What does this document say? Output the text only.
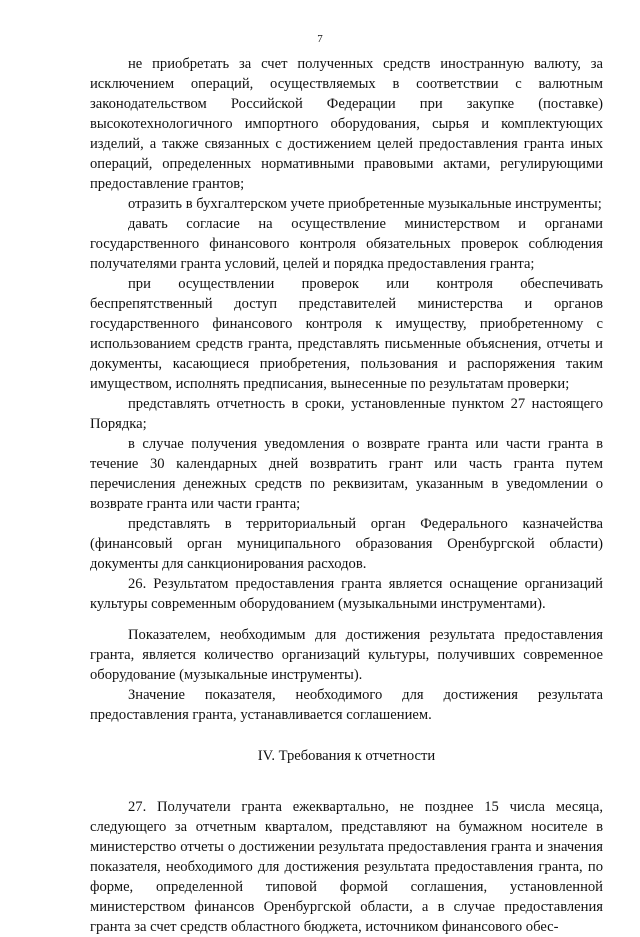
7

не приобретать за счет полученных средств иностранную валюту, за исключением операций, осуществляемых в соответствии с валютным законодательством Российской Федерации при закупке (поставке) высокотехнологичного импортного оборудования, сырья и комплектующих изделий, а также связанных с достижением целей предоставления гранта иных операций, определенных нормативными правовыми актами, регулирующими предоставление грантов;

отразить в бухгалтерском учете приобретенные музыкальные инструменты;

давать согласие на осуществление министерством и органами государственного финансового контроля обязательных проверок соблюдения получателями гранта условий, целей и порядка предоставления гранта;

при осуществлении проверок или контроля обеспечивать беспрепятственный доступ представителей министерства и органов государственного финансового контроля к имуществу, приобретенному с использованием средств гранта, представлять письменные объяснения, отчеты и документы, касающиеся приобретения, пользования и распоряжения таким имуществом, исполнять предписания, вынесенные по результатам проверки;

представлять отчетность в сроки, установленные пунктом 27 настоящего Порядка;

в случае получения уведомления о возврате гранта или части гранта в течение 30 календарных дней возвратить грант или часть гранта путем перечисления денежных средств по реквизитам, указанным в уведомлении о возврате гранта или части гранта;

представлять в территориальный орган Федерального казначейства (финансовый орган муниципального образования Оренбургской области) документы для санкционирования расходов.

26. Результатом предоставления гранта является оснащение организаций культуры современным оборудованием (музыкальными инструментами).

Показателем, необходимым для достижения результата предоставления гранта, является количество организаций культуры, получивших современное оборудование (музыкальные инструменты).

Значение показателя, необходимого для достижения результата предоставления гранта, устанавливается соглашением.

IV. Требования к отчетности

27. Получатели гранта ежеквартально, не позднее 15 числа месяца, следующего за отчетным кварталом, представляют на бумажном носителе в министерство отчеты о достижении результата предоставления гранта и значения показателя, необходимого для достижения результата предоставления гранта, по форме, определенной типовой формой соглашения, установленной министерством финансов Оренбургской области, а в случае предоставления гранта за счет средств областного бюджета, источником финансового обес-
